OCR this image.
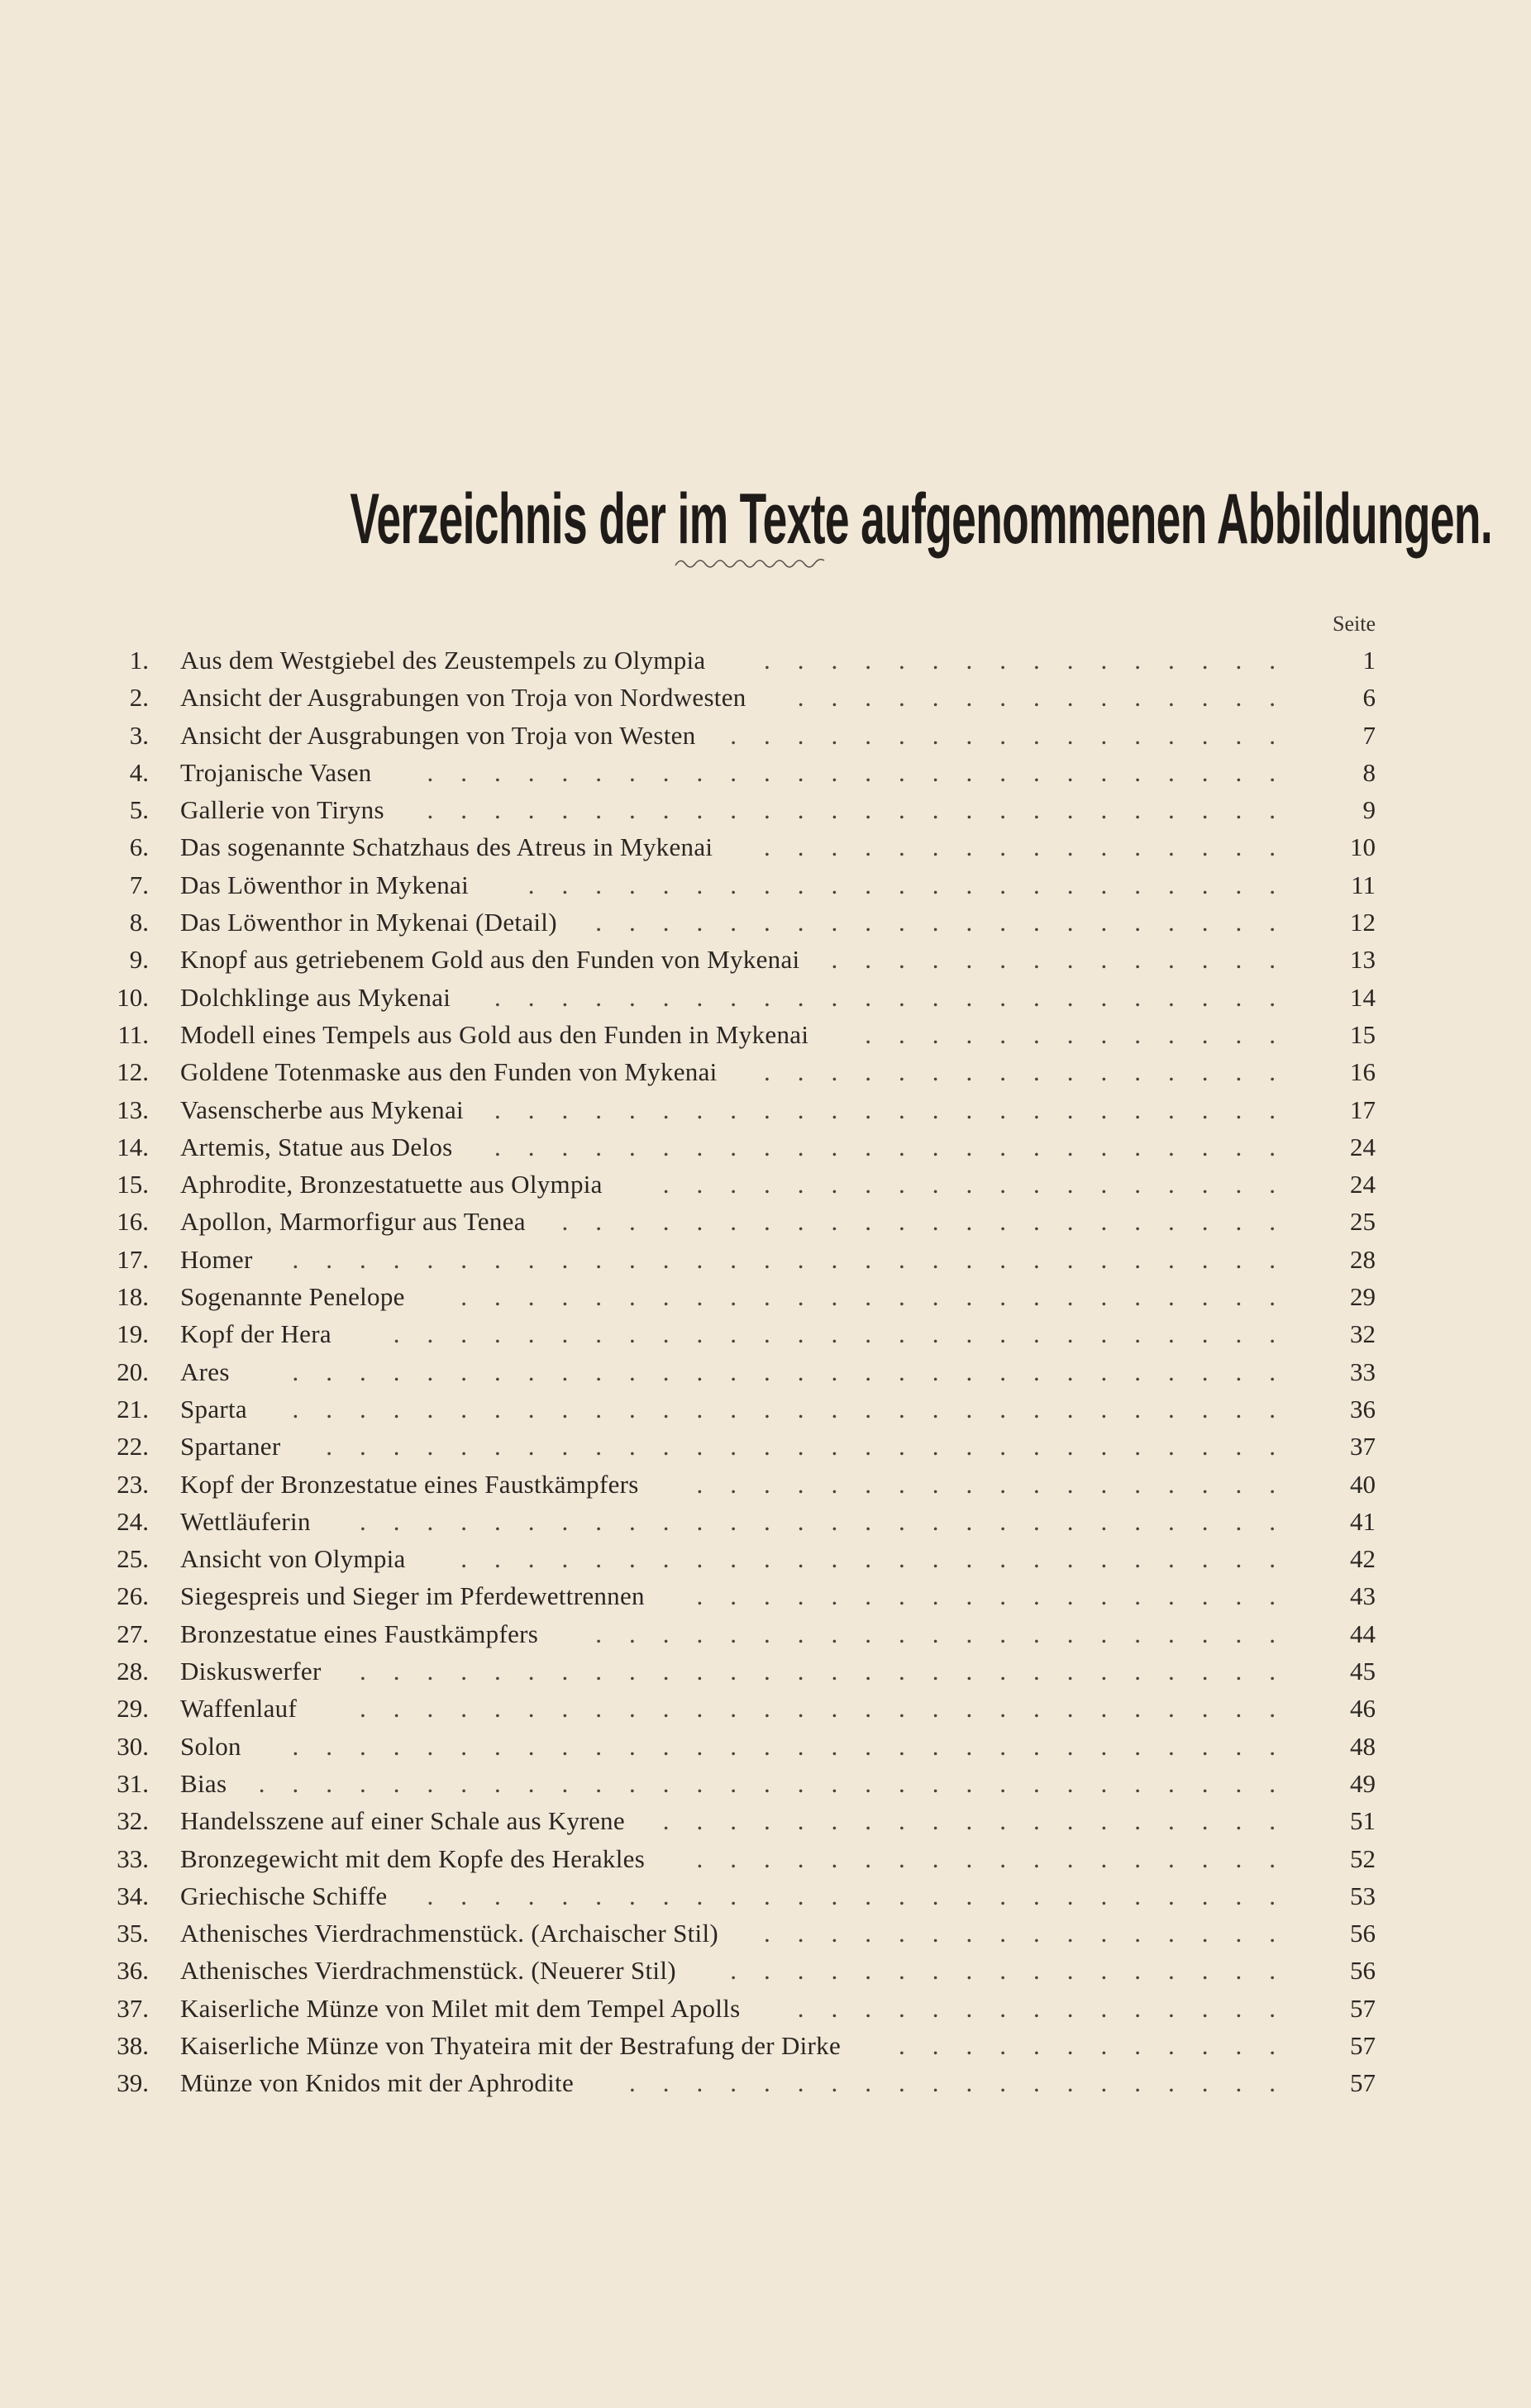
Verzeichnis der im Texte aufgenommenen Abbildungen.
Seite
1. Aus dem Westgiebel des Zeustempels zu Olympia ................	1
2. Ansicht der Ausgrabungen von Troja von Nordwesten ...............	6
3. Ansicht der Ausgrabungen von Troja von Westen .................	7
4. Trojanische Vasen ..........................	8
5. Gallerie von Tiryns ..........................	9
6. Das sogenannte Schatzhaus des Atreus in Mykenai ................	10
7. Das Löwenthor in Mykenai .......................	11
8. Das Löwenthor in Mykenai (Detail) .....................	12
9. Knopf aus getriebenem Gold aus den Funden von Mykenai ..............	13
10. Dolchklinge aus Mykenai ........................	14
11. Modell eines Tempels aus Gold aus den Funden in Mykenai .............	15
12. Goldene Totenmaske aus den Funden von Mykenai ................	16
13. Vasenscherbe aus Mykenai ........................	17
14. Artemis, Statue aus Delos ........................	24
15. Aphrodite, Bronzestatuette aus Olympia ...................	24
16. Apollon, Marmorfigur aus Tenea ......................	25
17. Homer ..............................	28
18. Sogenannte Penelope .........................	29
19. Kopf der Hera ...........................	32
20. Ares ..............................	33
21. Sparta ..............................	36
22. Spartaner .............................	37
23. Kopf der Bronzestatue eines Faustkämpfers ..................	40
24. Wettläuferin ............................	41
25. Ansicht von Olympia .........................	42
26. Siegespreis und Sieger im Pferdewettrennen ..................	43
27. Bronzestatue eines Faustkämpfers .....................	44
28. Diskuswerfer ............................	45
29. Waffenlauf ............................	46
30. Solon ..............................	48
31. Bias ...............................	49
32. Handelsszene auf einer Schale aus Kyrene ...................	51
33. Bronzegewicht mit dem Kopfe des Herakles ..................	52
34. Griechische Schiffe ..........................	53
35. Athenisches Vierdrachmenstück. (Archaischer Stil) ................	56
36. Athenisches Vierdrachmenstück. (Neuerer Stil) .................	56
37. Kaiserliche Münze von Milet mit dem Tempel Apolls ...............	57
38. Kaiserliche Münze von Thyateira mit der Bestrafung der Dirke ............	57
39. Münze von Knidos mit der Aphrodite ....................	57
